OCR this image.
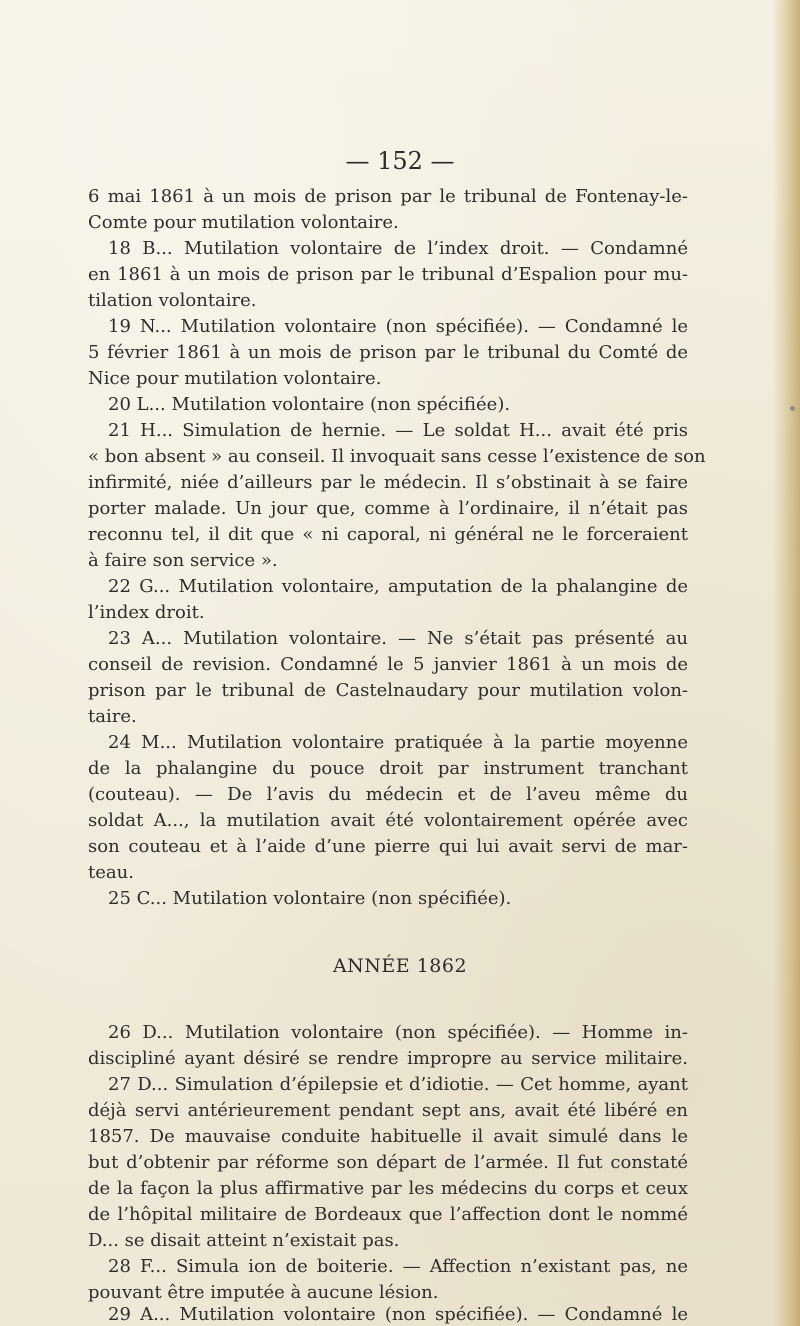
— 152 —
6 mai 1861 à un mois de prison par le tribunal de Fontenay-le-
Comte pour mutilation volontaire.
18 B... Mutilation volontaire de l’index droit. — Condamné
en 1861 à un mois de prison par le tribunal d’Espalion pour mu-
tilation volontaire.
19 N... Mutilation volontaire (non spécifiée). — Condamné le
5 février 1861 à un mois de prison par le tribunal du Comté de
Nice pour mutilation volontaire.
20 L... Mutilation volontaire (non spécifiée).
21 H... Simulation de hernie. — Le soldat H... avait été pris
« bon absent » au conseil. Il invoquait sans cesse l’existence de son
infirmité, niée d’ailleurs par le médecin. Il s’obstinait à se faire
porter malade. Un jour que, comme à l’ordinaire, il n’était pas
reconnu tel, il dit que « ni caporal, ni général ne le forceraient
à faire son service ».
22 G... Mutilation volontaire, amputation de la phalangine de
l’index droit.
23 A... Mutilation volontaire. — Ne s’était pas présenté au
conseil de revision. Condamné le 5 janvier 1861 à un mois de
prison par le tribunal de Castelnaudary pour mutilation volon-
taire.
24 M... Mutilation volontaire pratiquée à la partie moyenne
de la phalangine du pouce droit par instrument tranchant
(couteau). — De l’avis du médecin et de l’aveu même du
soldat A..., la mutilation avait été volontairement opérée avec
son couteau et à l’aide d’une pierre qui lui avait servi de mar-
teau.
25 C... Mutilation volontaire (non spécifiée).
ANNÉE 1862
26 D... Mutilation volontaire (non spécifiée). — Homme in-
discipliné ayant désiré se rendre impropre au service militaire.
27 D... Simulation d’épilepsie et d’idiotie. — Cet homme, ayant
déjà servi antérieurement pendant sept ans, avait été libéré en
1857. De mauvaise conduite habituelle il avait simulé dans le
but d’obtenir par réforme son départ de l’armée. Il fut constaté
de la façon la plus affirmative par les médecins du corps et ceux
de l’hôpital militaire de Bordeaux que l’affection dont le nommé
D... se disait atteint n’existait pas.
28 F... Simula ion de boiterie. — Affection n’existant pas, ne
pouvant être imputée à aucune lésion.
29 A... Mutilation volontaire (non spécifiée). — Condamné le
